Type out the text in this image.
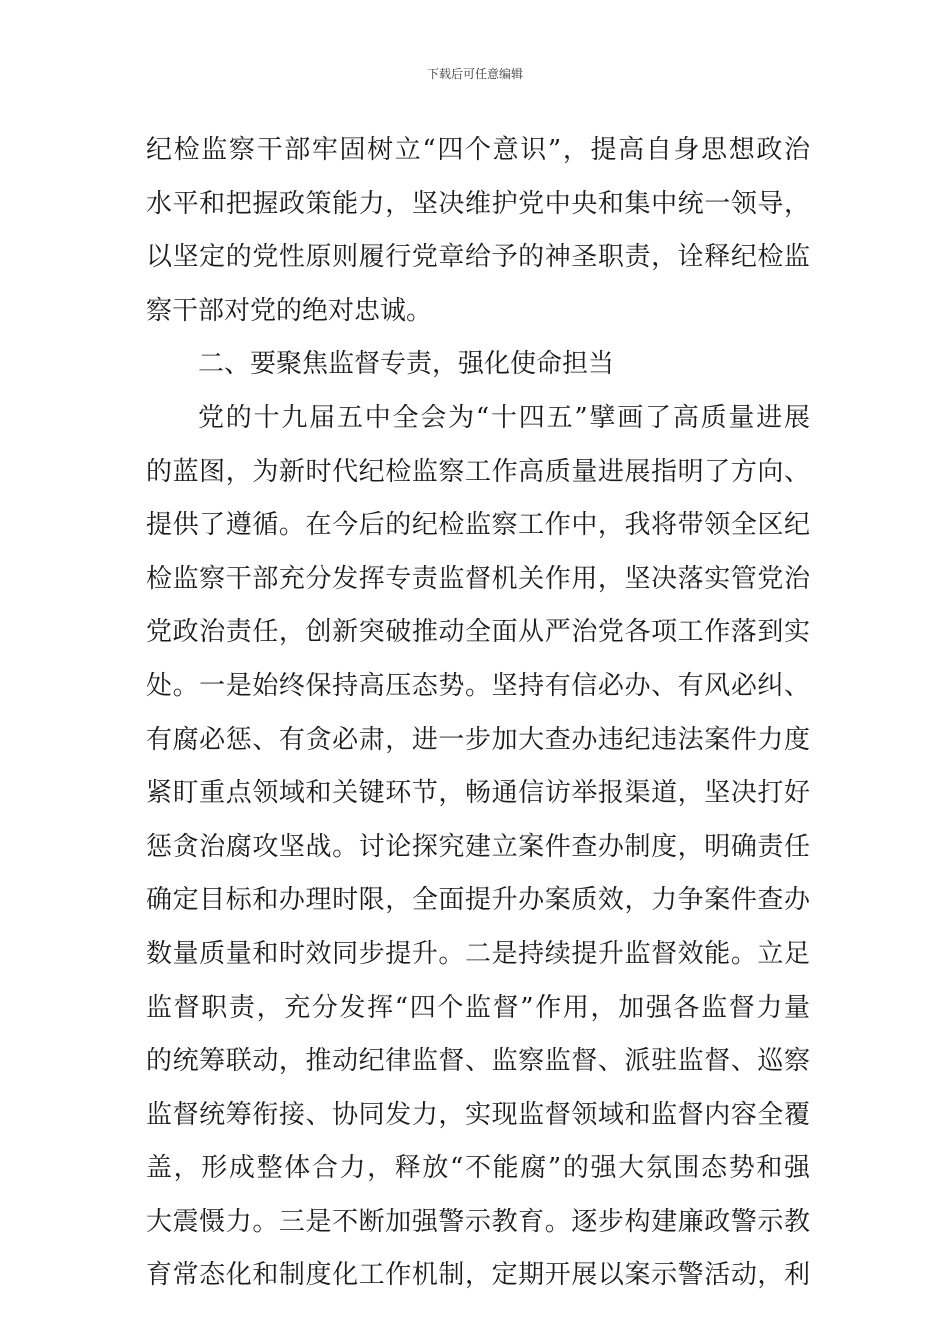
下载后可任意编辑
纪检监察干部牢固树立“四个意识”，提高自身思想政治
水平和把握政策能力，坚决维护党中央和集中统一领导，
以坚定的党性原则履行党章给予的神圣职责，诠释纪检监
察干部对党的绝对忠诚。
二、要聚焦监督专责，强化使命担当
党的十九届五中全会为“十四五”擘画了高质量进展
的蓝图，为新时代纪检监察工作高质量进展指明了方向、
提供了遵循。在今后的纪检监察工作中，我将带领全区纪
检监察干部充分发挥专责监督机关作用，坚决落实管党治
党政治责任，创新突破推动全面从严治党各项工作落到实
处。一是始终保持高压态势。坚持有信必办、有风必纠、
有腐必惩、有贪必肃，进一步加大查办违纪违法案件力度
紧盯重点领域和关键环节，畅通信访举报渠道，坚决打好
惩贪治腐攻坚战。讨论探究建立案件查办制度，明确责任
确定目标和办理时限，全面提升办案质效，力争案件查办
数量质量和时效同步提升。二是持续提升监督效能。立足
监督职责，充分发挥“四个监督”作用，加强各监督力量
的统筹联动，推动纪律监督、监察监督、派驻监督、巡察
监督统筹衔接、协同发力，实现监督领域和监督内容全覆
盖，形成整体合力，释放“不能腐”的强大氛围态势和强
大震慑力。三是不断加强警示教育。逐步构建廉政警示教
育常态化和制度化工作机制，定期开展以案示警活动，利
